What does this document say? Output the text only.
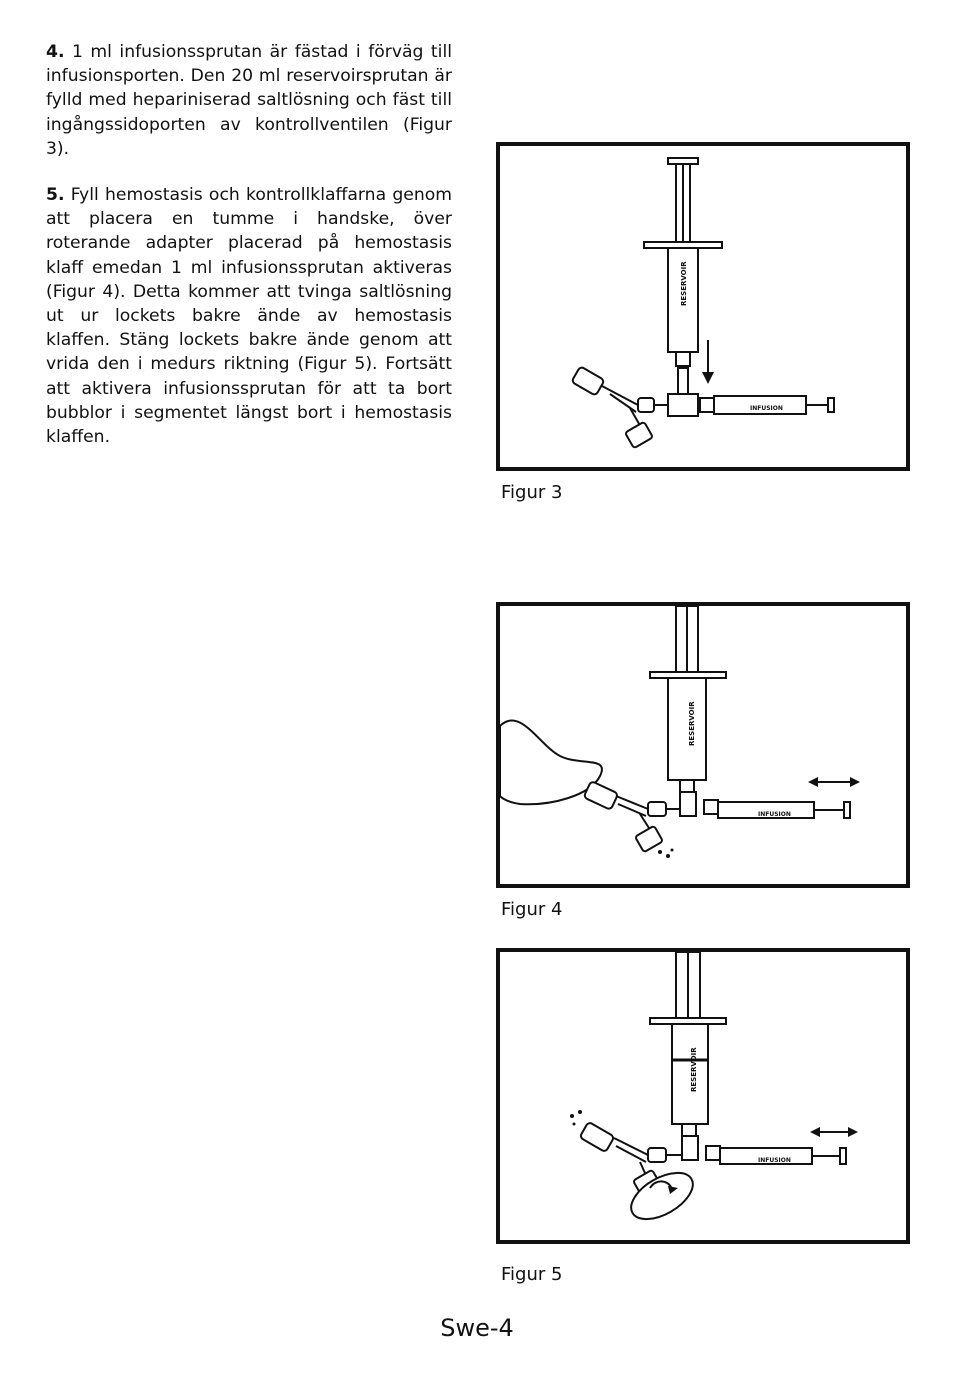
4. 1 ml infusionssprutan är fästad i förväg till infusionsporten. Den 20 ml reservoirsprutan är fylld med hepariniserad saltlösning och fäst till ingångssidoporten av kontrollventilen (Figur 3).

5. Fyll hemostasis och kontrollklaffarna genom att placera en tumme i handske, över roterande adapter placerad på hemostasis klaff emedan 1 ml infusionssprutan aktiveras (Figur 4). Detta kommer att tvinga saltlösning ut ur lockets bakre ände av hemostasis klaffen. Stäng lockets bakre ände genom att vrida den i medurs riktning (Figur 5). Fortsätt att aktivera infusionssprutan för att ta bort bubblor i segmentet längst bort i hemostasis klaffen.

RESERVOIR
INFUSION
Figur 3
RESERVOIR
INFUSION
Figur 4
RESERVOIR
INFUSION
Figur 5
Swe-4
